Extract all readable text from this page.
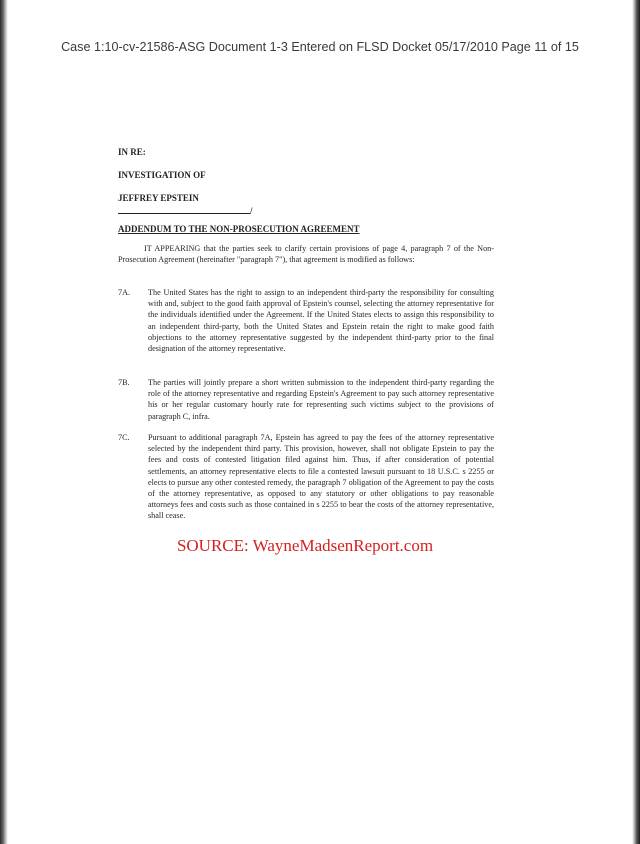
Case 1:10-cv-21586-ASG Document 1-3 Entered on FLSD Docket 05/17/2010 Page 11 of 15
IN RE:
INVESTIGATION OF
JEFFREY EPSTEIN
/
ADDENDUM TO THE NON-PROSECUTION AGREEMENT
IT APPEARING that the parties seek to clarify certain provisions of page 4, paragraph 7 of the Non-Prosecution Agreement (hereinafter "paragraph 7"), that agreement is modified as follows:
7A.	The United States has the right to assign to an independent third-party the responsibility for consulting with and, subject to the good faith approval of Epstein's counsel, selecting the attorney representative for the individuals identified under the Agreement. If the United States elects to assign this responsibility to an independent third-party, both the United States and Epstein retain the right to make good faith objections to the attorney representative suggested by the independent third-party prior to the final designation of the attorney representative.
7B.	The parties will jointly prepare a short written submission to the independent third-party regarding the role of the attorney representative and regarding Epstein's Agreement to pay such attorney representative his or her regular customary hourly rate for representing such victims subject to the provisions of paragraph C, infra.
7C.	Pursuant to additional paragraph 7A, Epstein has agreed to pay the fees of the attorney representative selected by the independent third party. This provision, however, shall not obligate Epstein to pay the fees and costs of contested litigation filed against him. Thus, if after consideration of potential settlements, an attorney representative elects to file a contested lawsuit pursuant to 18 U.S.C. s 2255 or elects to pursue any other contested remedy, the paragraph 7 obligation of the Agreement to pay the costs of the attorney representative, as opposed to any statutory or other obligations to pay reasonable attorneys fees and costs such as those contained in s 2255 to bear the costs of the attorney representative, shall cease.
SOURCE: WayneMadsenReport.com
